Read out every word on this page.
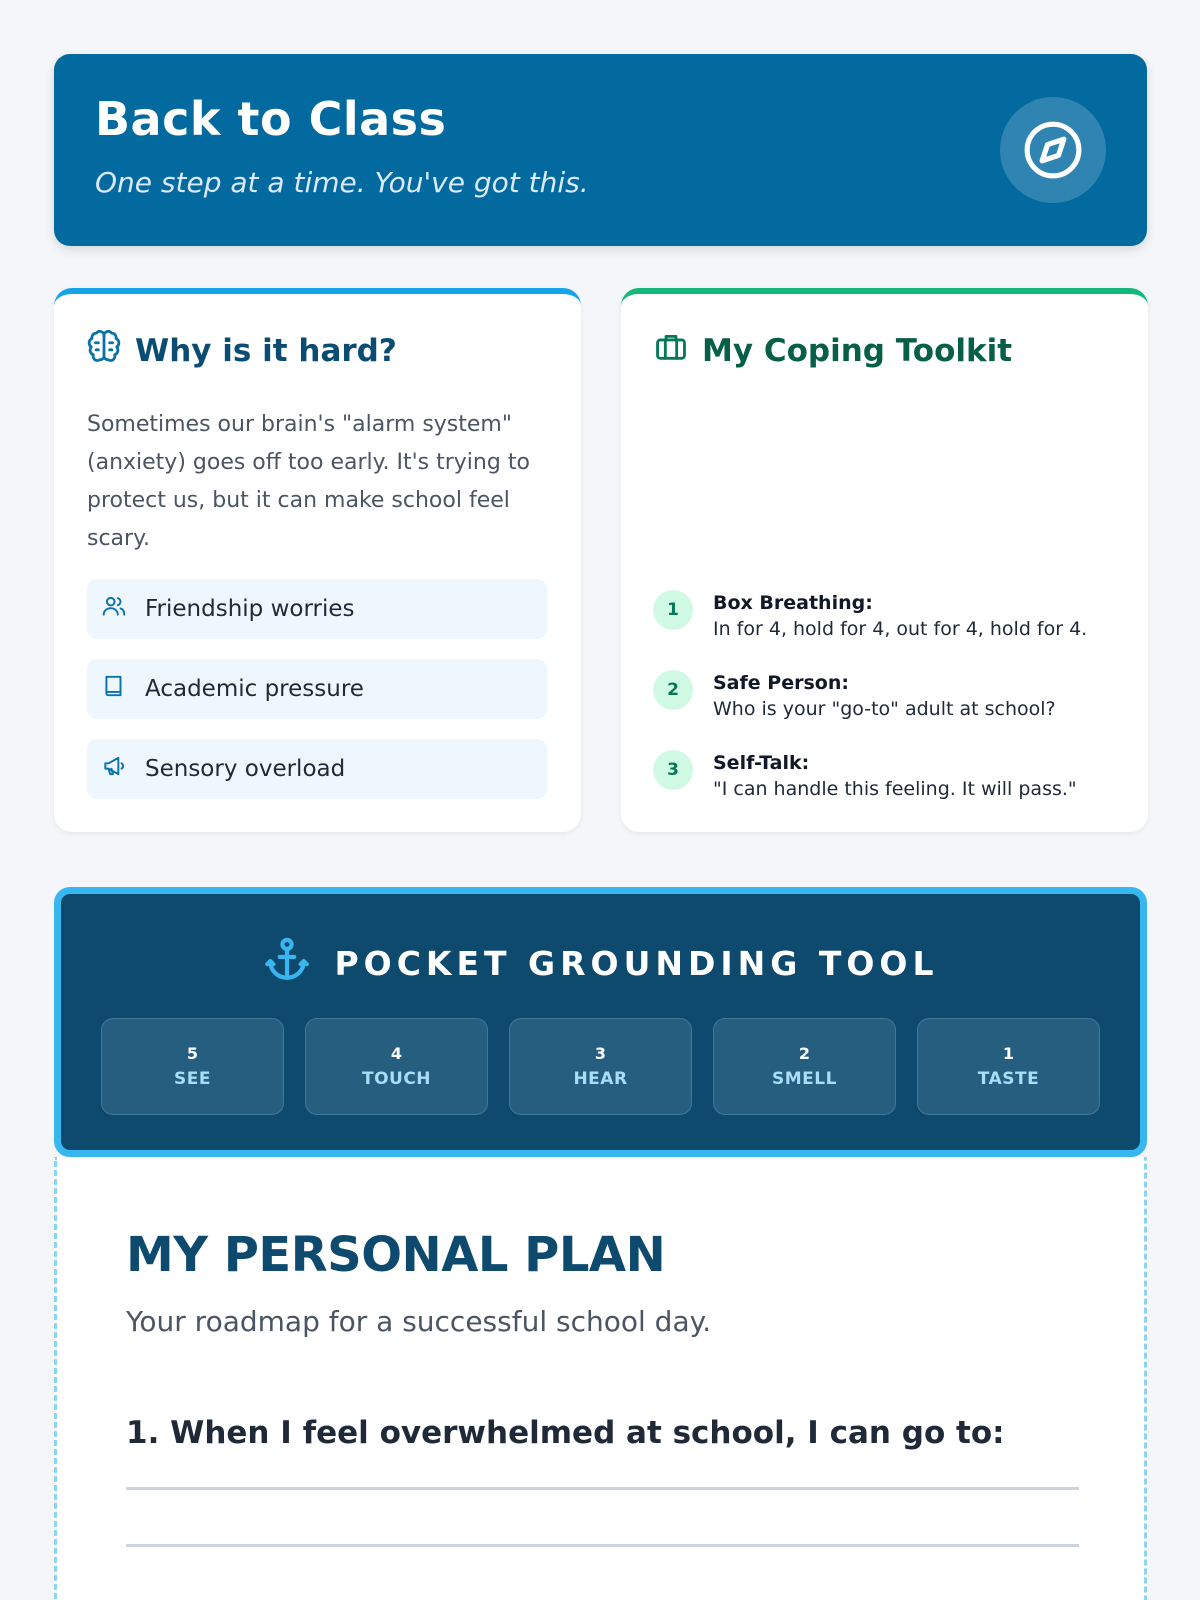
Back to Class
One step at a time. You've got this.
Why is it hard?
Sometimes our brain's "alarm system" (anxiety) goes off too early. It's trying to protect us, but it can make school feel scary.
Friendship worries
Academic pressure
Sensory overload
My Coping Toolkit
1	Box Breathing:
In for 4, hold for 4, out for 4, hold for 4.
2	Safe Person:
Who is your "go-to" adult at school?
3	Self-Talk:
"I can handle this feeling. It will pass."
POCKET GROUNDING TOOL
5
SEE
4
TOUCH
3
HEAR
2
SMELL
1
TASTE
MY PERSONAL PLAN
Your roadmap for a successful school day.
1. When I feel overwhelmed at school, I can go to:
